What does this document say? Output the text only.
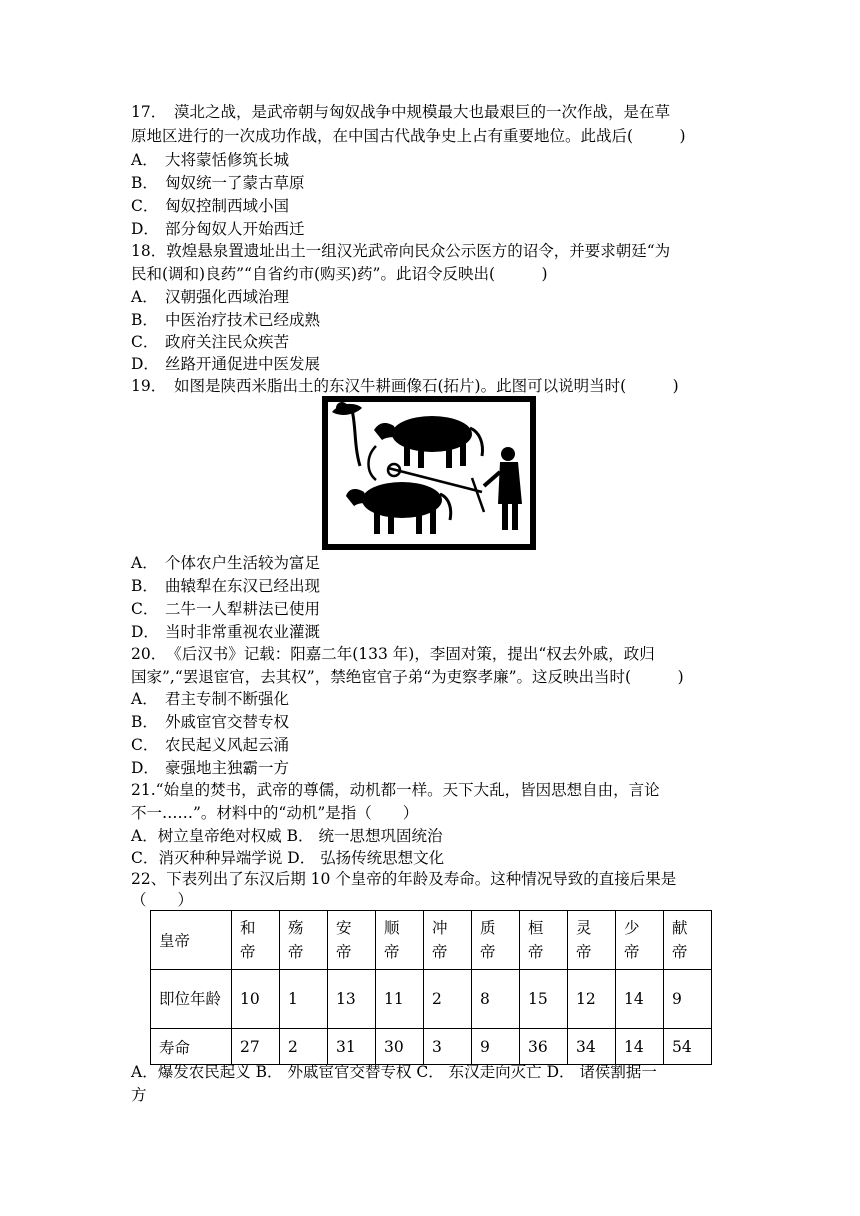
17．　漠北之战，是武帝朝与匈奴战争中规模最大也最艰巨的一次作战，是在草
原地区进行的一次成功作战，在中国古代战争史上占有重要地位。此战后(　　　)
A． 大将蒙恬修筑长城
B． 匈奴统一了蒙古草原
C． 匈奴控制西域小国
D． 部分匈奴人开始西迁
18．敦煌悬泉置遗址出土一组汉光武帝向民众公示医方的诏令，并要求朝廷“为
民和(调和)良药”“自省约市(购买)药”。此诏令反映出(　　　)
A． 汉朝强化西域治理
B． 中医治疗技术已经成熟
C． 政府关注民众疾苦
D． 丝路开通促进中医发展
19．　如图是陕西米脂出土的东汉牛耕画像石(拓片)。此图可以说明当时(　　　)
A． 个体农户生活较为富足
B． 曲辕犁在东汉已经出现
C． 二牛一人犁耕法已使用
D． 当时非常重视农业灌溉
20．　《后汉书》记载：阳嘉二年(133 年)，李固对策，提出“权去外戚，政归
国家”,“罢退宦官，去其权”，禁绝宦官子弟“为吏察孝廉”。这反映出当时(　　　)
A． 君主专制不断强化
B． 外戚宦官交替专权
C． 农民起义风起云涌
D． 豪强地主独霸一方
21.“始皇的焚书，武帝的尊儒，动机都一样。天下大乱，皆因思想自由，言论
不一……”。材料中的“动机”是指（　　）
A．树立皇帝绝对权威 B． 统一思想巩固统治
C．消灭种种异端学说 D． 弘扬传统思想文化
22、下表列出了东汉后期 10 个皇帝的年龄及寿命。这种情况导致的直接后果是
（　　）
皇帝	和帝	殇帝	安帝	顺帝	冲帝	质帝	桓帝	灵帝	少帝	献帝
即位年龄	10	1	13	11	2	8	15	12	14	9
寿命	27	2	31	30	3	9	36	34	14	54
A．爆发农民起义 B． 外戚宦官交替专权 C． 东汉走向灭亡 D． 诸侯割据一
方
